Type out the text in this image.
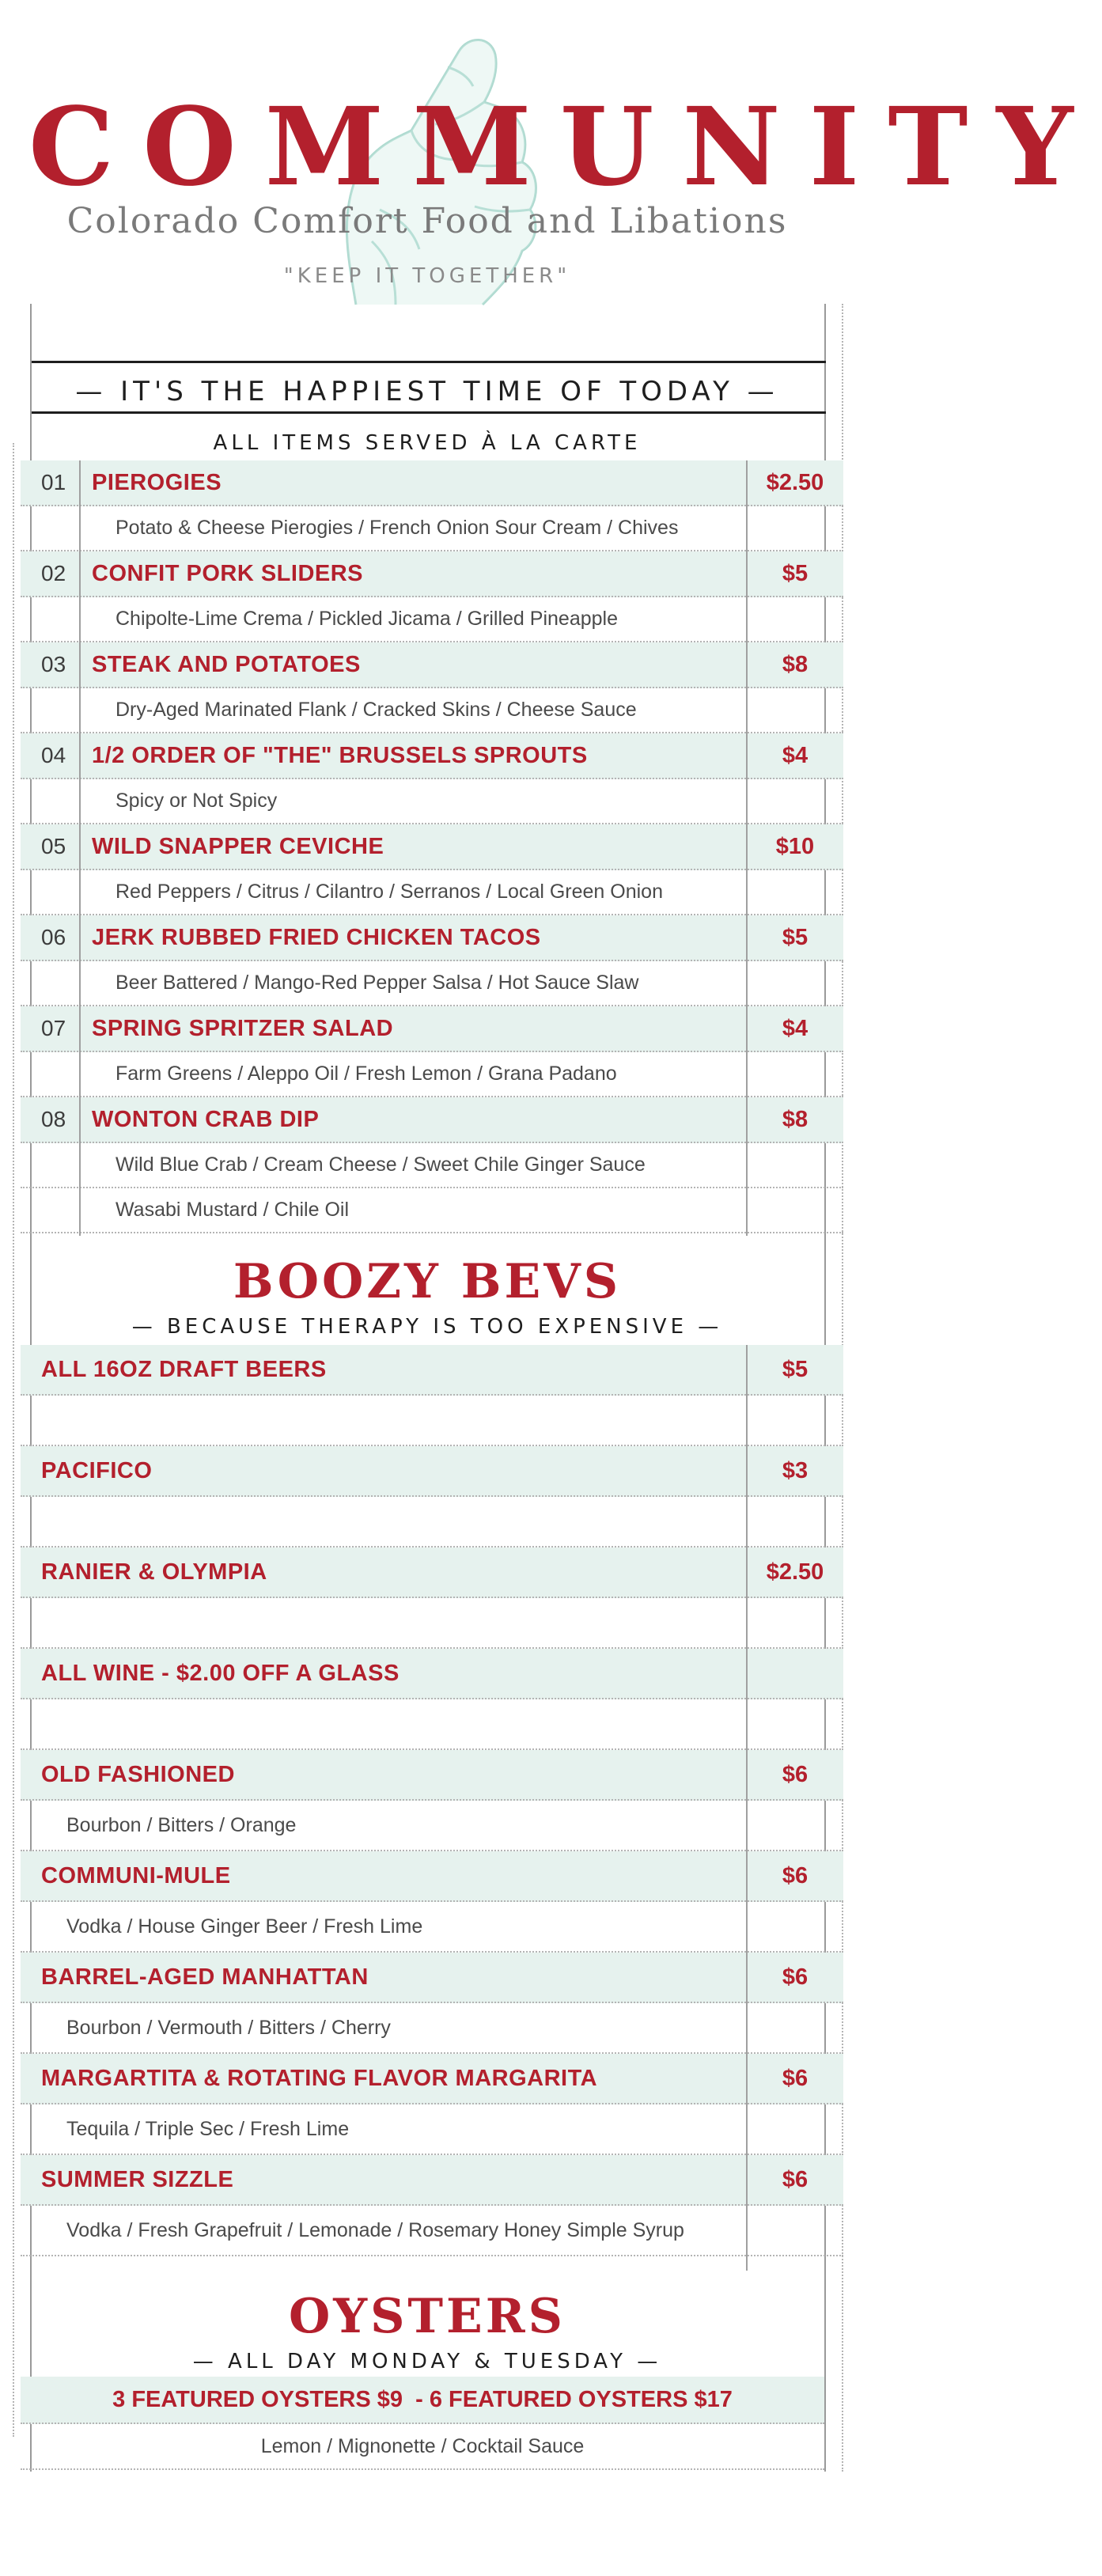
COMMUNITY
Colorado Comfort Food and Libations
"KEEP IT TOGETHER"
— IT'S THE HAPPIEST TIME OF TODAY —
ALL ITEMS SERVED À LA CARTE
01 PIEROGIES	$2.50
Potato & Cheese Pierogies / French Onion Sour Cream / Chives
02 CONFIT PORK SLIDERS	$5
Chipolte-Lime Crema / Pickled Jicama / Grilled Pineapple
03 STEAK AND POTATOES	$8
Dry-Aged Marinated Flank / Cracked Skins / Cheese Sauce
04 1/2 ORDER OF "THE" BRUSSELS SPROUTS	$4
Spicy or Not Spicy
05 WILD SNAPPER CEVICHE	$10
Red Peppers / Citrus / Cilantro / Serranos / Local Green Onion
06 JERK RUBBED FRIED CHICKEN TACOS	$5
Beer Battered / Mango-Red Pepper Salsa / Hot Sauce Slaw
07 SPRING SPRITZER SALAD	$4
Farm Greens / Aleppo Oil / Fresh Lemon / Grana Padano
08 WONTON CRAB DIP	$8
Wild Blue Crab / Cream Cheese / Sweet Chile Ginger Sauce
Wasabi Mustard / Chile Oil
BOOZY BEVS
— BECAUSE THERAPY IS TOO EXPENSIVE —
ALL 16OZ DRAFT BEERS	$5
PACIFICO	$3
RANIER & OLYMPIA	$2.50
ALL WINE - $2.00 OFF A GLASS
OLD FASHIONED	$6
Bourbon / Bitters / Orange
COMMUNI-MULE	$6
Vodka / House Ginger Beer / Fresh Lime
BARREL-AGED MANHATTAN	$6
Bourbon / Vermouth / Bitters / Cherry
MARGARTITA & ROTATING FLAVOR MARGARITA	$6
Tequila / Triple Sec / Fresh Lime
SUMMER SIZZLE	$6
Vodka / Fresh Grapefruit / Lemonade / Rosemary Honey Simple Syrup
OYSTERS
— ALL DAY MONDAY & TUESDAY —
3 FEATURED OYSTERS $9  - 6 FEATURED OYSTERS $17
Lemon / Mignonette / Cocktail Sauce
